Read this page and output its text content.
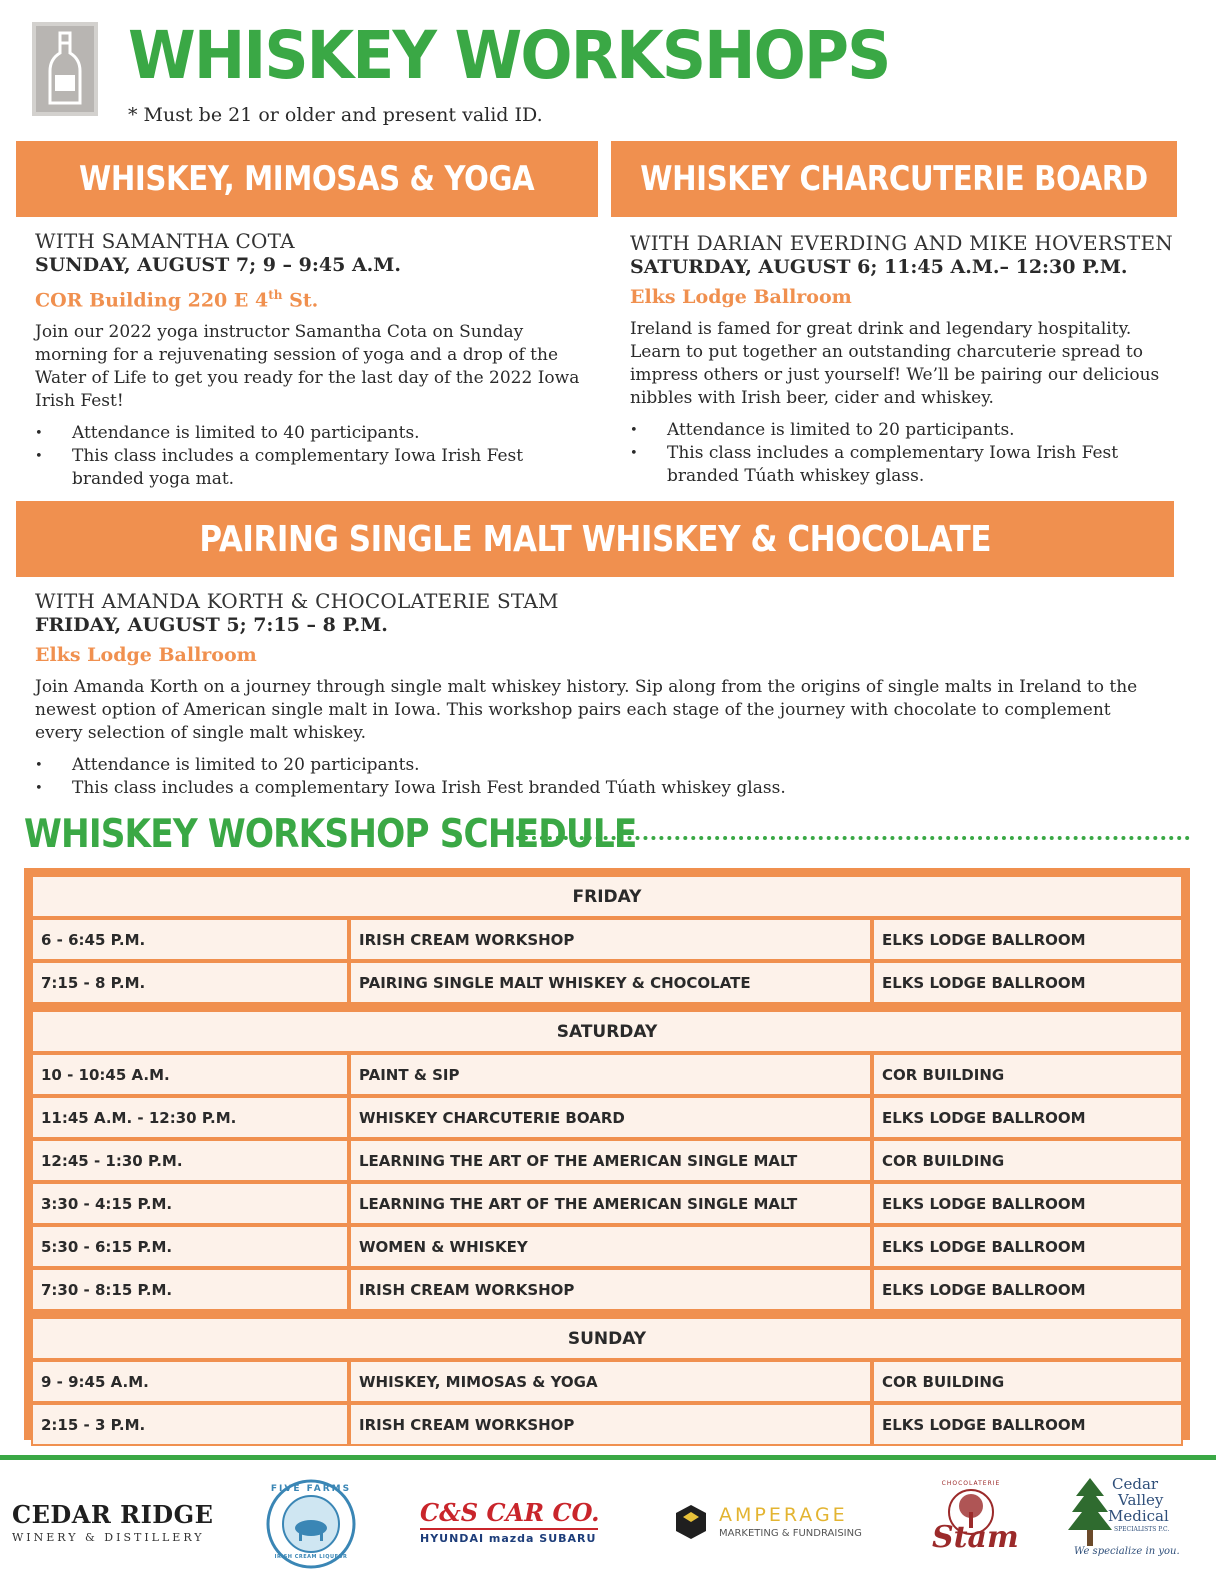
WHISKEY WORKSHOPS
* Must be 21 or older and present valid ID.
WHISKEY, MIMOSAS & YOGA	WHISKEY CHARCUTERIE BOARD
WITH SAMANTHA COTA
SUNDAY, AUGUST 7; 9 – 9:45 A.M.
COR Building 220 E 4th St.
Join our 2022 yoga instructor Samantha Cota on Sunday morning for a rejuvenating session of yoga and a drop of the Water of Life to get you ready for the last day of the 2022 Iowa Irish Fest!
• Attendance is limited to 40 participants.
• This class includes a complementary Iowa Irish Fest branded yoga mat.
WITH DARIAN EVERDING AND MIKE HOVERSTEN
SATURDAY, AUGUST 6; 11:45 A.M.– 12:30 P.M.
Elks Lodge Ballroom
Ireland is famed for great drink and legendary hospitality. Learn to put together an outstanding charcuterie spread to impress others or just yourself! We’ll be pairing our delicious nibbles with Irish beer, cider and whiskey.
• Attendance is limited to 20 participants.
• This class includes a complementary Iowa Irish Fest branded Túath whiskey glass.
PAIRING SINGLE MALT WHISKEY & CHOCOLATE
WITH AMANDA KORTH & CHOCOLATERIE STAM
FRIDAY, AUGUST 5; 7:15 – 8 P.M.
Elks Lodge Ballroom
Join Amanda Korth on a journey through single malt whiskey history. Sip along from the origins of single malts in Ireland to the newest option of American single malt in Iowa. This workshop pairs each stage of the journey with chocolate to complement every selection of single malt whiskey.
• Attendance is limited to 20 participants.
• This class includes a complementary Iowa Irish Fest branded Túath whiskey glass.
WHISKEY WORKSHOP SCHEDULE
FRIDAY		
6 - 6:45 P.M.	IRISH CREAM WORKSHOP	ELKS LODGE BALLROOM
7:15 - 8 P.M.	PAIRING SINGLE MALT WHISKEY & CHOCOLATE	ELKS LODGE BALLROOM

SATURDAY		
10 - 10:45 A.M.	PAINT & SIP	COR BUILDING
11:45 A.M. - 12:30 P.M.	WHISKEY CHARCUTERIE BOARD	ELKS LODGE BALLROOM
12:45 - 1:30 P.M.	LEARNING THE ART OF THE AMERICAN SINGLE MALT	COR BUILDING
3:30 - 4:15 P.M.	LEARNING THE ART OF THE AMERICAN SINGLE MALT	ELKS LODGE BALLROOM
5:30 - 6:15 P.M.	WOMEN & WHISKEY	ELKS LODGE BALLROOM
7:30 - 8:15 P.M.	IRISH CREAM WORKSHOP	ELKS LODGE BALLROOM

SUNDAY		
9 - 9:45 A.M.	WHISKEY, MIMOSAS & YOGA	COR BUILDING
2:15 - 3 P.M.	IRISH CREAM WORKSHOP	ELKS LODGE BALLROOM
CEDAR RIDGE
WINERY & DISTILLERY
FIVE FARMS
IRISH CREAM LIQUEUR
C&S CAR CO.
HYUNDAI mazda SUBARU
AMPERAGE
MARKETING & FUNDRAISING
CHOCOLATERIE
Stam
Cedar
Valley
Medical
SPECIALISTS P.C.
We specialize in you.
